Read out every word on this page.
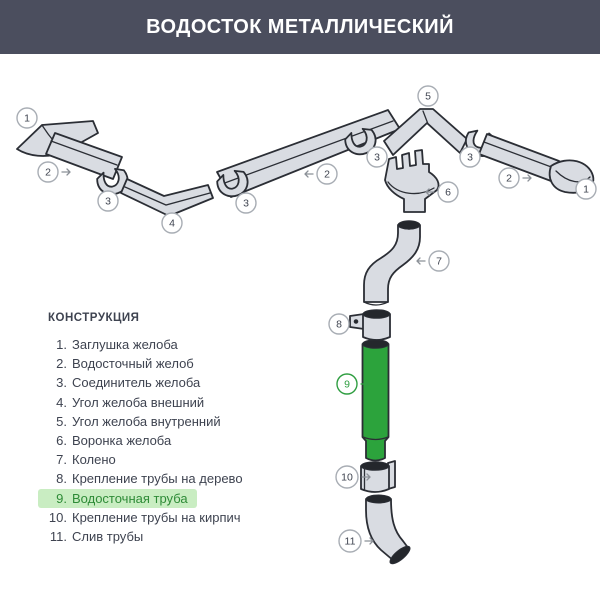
ВОДОСТОК МЕТАЛЛИЧЕСКИЙ
1
2
3
4
3
2
3
5
3
2
1
6
7
8
9
10
11
КОНСТРУКЦИЯ
1. Заглушка желоба
2. Водосточный желоб
3. Соединитель желоба
4. Угол желоба внешний
5. Угол желоба внутренний
6. Воронка желоба
7. Колено
8. Крепление трубы на дерево
9. Водосточная труба
10. Крепление трубы на кирпич
11. Слив трубы
